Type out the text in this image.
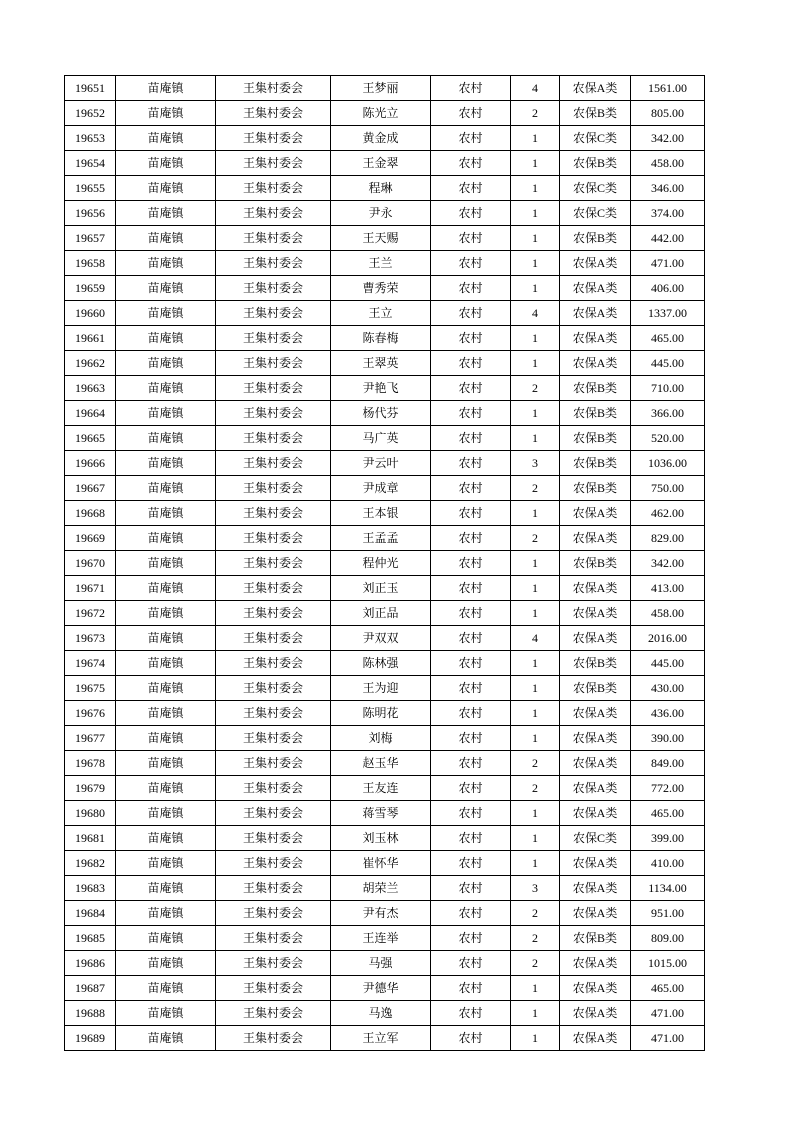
19651	苗庵镇	王集村委会	王梦丽	农村	4	农保A类	1561.00
19652	苗庵镇	王集村委会	陈光立	农村	2	农保B类	805.00
19653	苗庵镇	王集村委会	黄金成	农村	1	农保C类	342.00
19654	苗庵镇	王集村委会	王金翠	农村	1	农保B类	458.00
19655	苗庵镇	王集村委会	程琳	农村	1	农保C类	346.00
19656	苗庵镇	王集村委会	尹永	农村	1	农保C类	374.00
19657	苗庵镇	王集村委会	王天赐	农村	1	农保B类	442.00
19658	苗庵镇	王集村委会	王兰	农村	1	农保A类	471.00
19659	苗庵镇	王集村委会	曹秀荣	农村	1	农保A类	406.00
19660	苗庵镇	王集村委会	王立	农村	4	农保A类	1337.00
19661	苗庵镇	王集村委会	陈春梅	农村	1	农保A类	465.00
19662	苗庵镇	王集村委会	王翠英	农村	1	农保A类	445.00
19663	苗庵镇	王集村委会	尹艳飞	农村	2	农保B类	710.00
19664	苗庵镇	王集村委会	杨代芬	农村	1	农保B类	366.00
19665	苗庵镇	王集村委会	马广英	农村	1	农保B类	520.00
19666	苗庵镇	王集村委会	尹云叶	农村	3	农保B类	1036.00
19667	苗庵镇	王集村委会	尹成章	农村	2	农保B类	750.00
19668	苗庵镇	王集村委会	王本银	农村	1	农保A类	462.00
19669	苗庵镇	王集村委会	王孟孟	农村	2	农保A类	829.00
19670	苗庵镇	王集村委会	程仲光	农村	1	农保B类	342.00
19671	苗庵镇	王集村委会	刘正玉	农村	1	农保A类	413.00
19672	苗庵镇	王集村委会	刘正品	农村	1	农保A类	458.00
19673	苗庵镇	王集村委会	尹双双	农村	4	农保A类	2016.00
19674	苗庵镇	王集村委会	陈林强	农村	1	农保B类	445.00
19675	苗庵镇	王集村委会	王为迎	农村	1	农保B类	430.00
19676	苗庵镇	王集村委会	陈明花	农村	1	农保A类	436.00
19677	苗庵镇	王集村委会	刘梅	农村	1	农保A类	390.00
19678	苗庵镇	王集村委会	赵玉华	农村	2	农保A类	849.00
19679	苗庵镇	王集村委会	王友连	农村	2	农保A类	772.00
19680	苗庵镇	王集村委会	蒋雪琴	农村	1	农保A类	465.00
19681	苗庵镇	王集村委会	刘玉林	农村	1	农保C类	399.00
19682	苗庵镇	王集村委会	崔怀华	农村	1	农保A类	410.00
19683	苗庵镇	王集村委会	胡荣兰	农村	3	农保A类	1134.00
19684	苗庵镇	王集村委会	尹有杰	农村	2	农保A类	951.00
19685	苗庵镇	王集村委会	王连举	农村	2	农保B类	809.00
19686	苗庵镇	王集村委会	马强	农村	2	农保A类	1015.00
19687	苗庵镇	王集村委会	尹德华	农村	1	农保A类	465.00
19688	苗庵镇	王集村委会	马逸	农村	1	农保A类	471.00
19689	苗庵镇	王集村委会	王立军	农村	1	农保A类	471.00
